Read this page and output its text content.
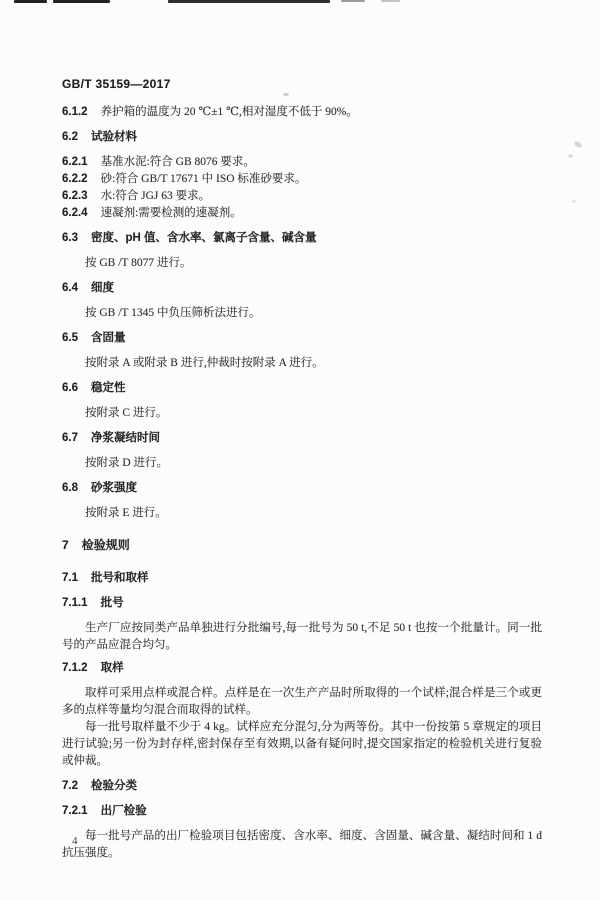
GB/T 35159—2017
6.1.2 养护箱的温度为 20 ℃±1 ℃,相对湿度不低于 90%。
6.2 试验材料
6.2.1 基准水泥:符合 GB 8076 要求。
6.2.2 砂:符合 GB/T 17671 中 ISO 标准砂要求。
6.2.3 水:符合 JGJ 63 要求。
6.2.4 速凝剂:需要检测的速凝剂。
6.3 密度、pH 值、含水率、氯离子含量、碱含量
按 GB /T 8077 进行。
6.4 细度
按 GB /T 1345 中负压筛析法进行。
6.5 含固量
按附录 A 或附录 B 进行,仲裁时按附录 A 进行。
6.6 稳定性
按附录 C 进行。
6.7 净浆凝结时间
按附录 D 进行。
6.8 砂浆强度
按附录 E 进行。
7 检验规则
7.1 批号和取样
7.1.1 批号
生产厂应按同类产品单独进行分批编号,每一批号为 50 t,不足 50 t 也按一个批量计。同一批号的产品应混合均匀。
7.1.2 取样
取样可采用点样或混合样。点样是在一次生产产品时所取得的一个试样;混合样是三个或更多的点样等量均匀混合而取得的试样。
每一批号取样量不少于 4 kg。试样应充分混匀,分为两等份。其中一份按第 5 章规定的项目进行试验;另一份为封存样,密封保存至有效期,以备有疑问时,提交国家指定的检验机关进行复验或仲裁。
7.2 检验分类
7.2.1 出厂检验
每一批号产品的出厂检验项目包括密度、含水率、细度、含固量、碱含量、凝结时间和 1 d 抗压强度。
4
